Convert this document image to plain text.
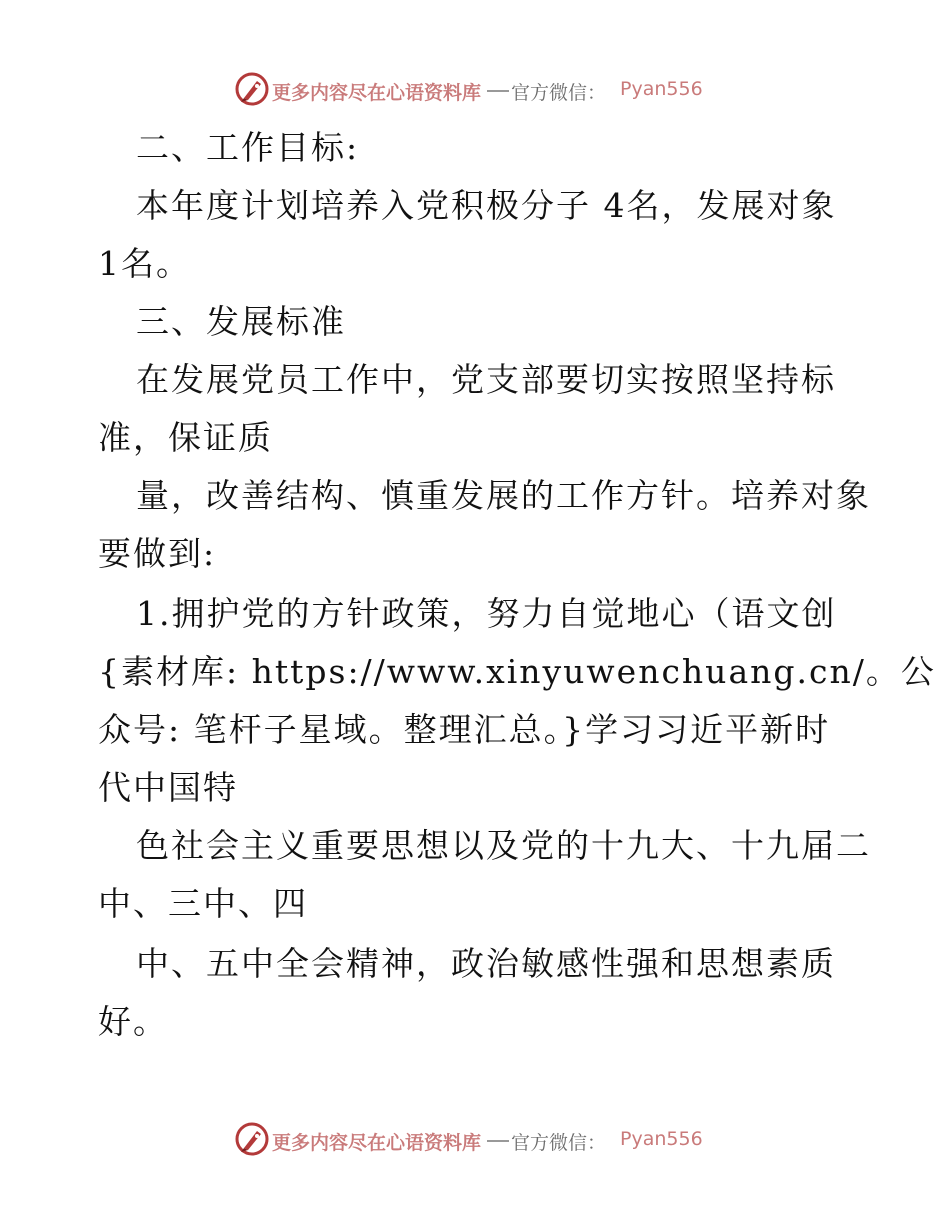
更多内容尽在心语资料库 官方微信： Pyan556
二、工作目标:
本年度计划培养入党积极分子 4名，发展对象
1名。
三、发展标准
在发展党员工作中，党支部要切实按照坚持标
准，保证质
量，改善结构、慎重发展的工作方针。培养对象
要做到:
1.拥护党的方针政策，努力自觉地心（语文创
{素材库: https://www.xinyuwenchuang.cn/。公
众号: 笔杆子星域。整理汇总。}学习习近平新时
代中国特
色社会主义重要思想以及党的十九大、十九届二
中、三中、四
中、五中全会精神，政治敏感性强和思想素质
好。
更多内容尽在心语资料库 官方微信： Pyan556
